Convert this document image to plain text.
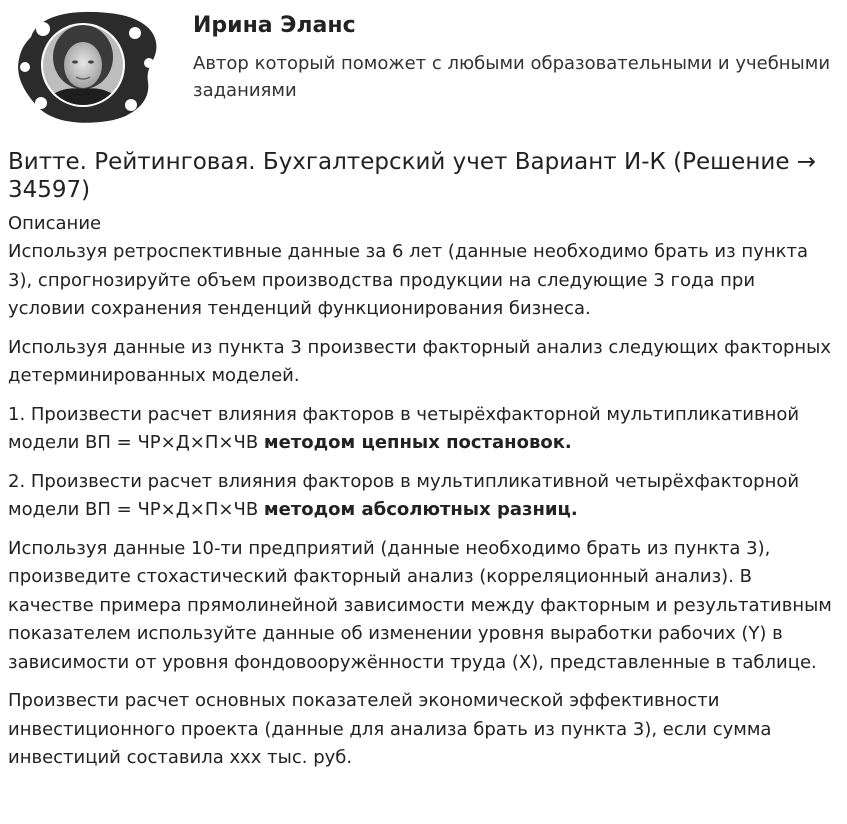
Ирина Эланс
Автор который поможет с любыми образовательными и учебными заданиями
Витте. Рейтинговая. Бухгалтерский учет Вариант И-К (Решение → 34597)
Описание

Используя ретроспективные данные за 6 лет (данные необходимо брать из пункта 3), спрогнозируйте объем производства продукции на следующие 3 года при условии сохранения тенденций функционирования бизнеса.

Используя данные из пункта 3 произвести факторный анализ следующих факторных детерминированных моделей.

1. Произвести расчет влияния факторов в четырёхфакторной мультипликативной модели ВП = ЧР×Д×П×ЧВ методом цепных постановок.

2. Произвести расчет влияния факторов в мультипликативной четырёхфакторной модели ВП = ЧР×Д×П×ЧВ методом абсолютных разниц.

Используя данные 10-ти предприятий (данные необходимо брать из пункта 3), произведите стохастический факторный анализ (корреляционный анализ). В качестве примера прямолинейной зависимости между факторным и результативным показателем используйте данные об изменении уровня выработки рабочих (Y) в зависимости от уровня фондовооружённости труда (X), представленные в таблице.

Произвести расчет основных показателей экономической эффективности инвестиционного проекта (данные для анализа брать из пункта 3), если сумма инвестиций составила ххх тыс. руб.
